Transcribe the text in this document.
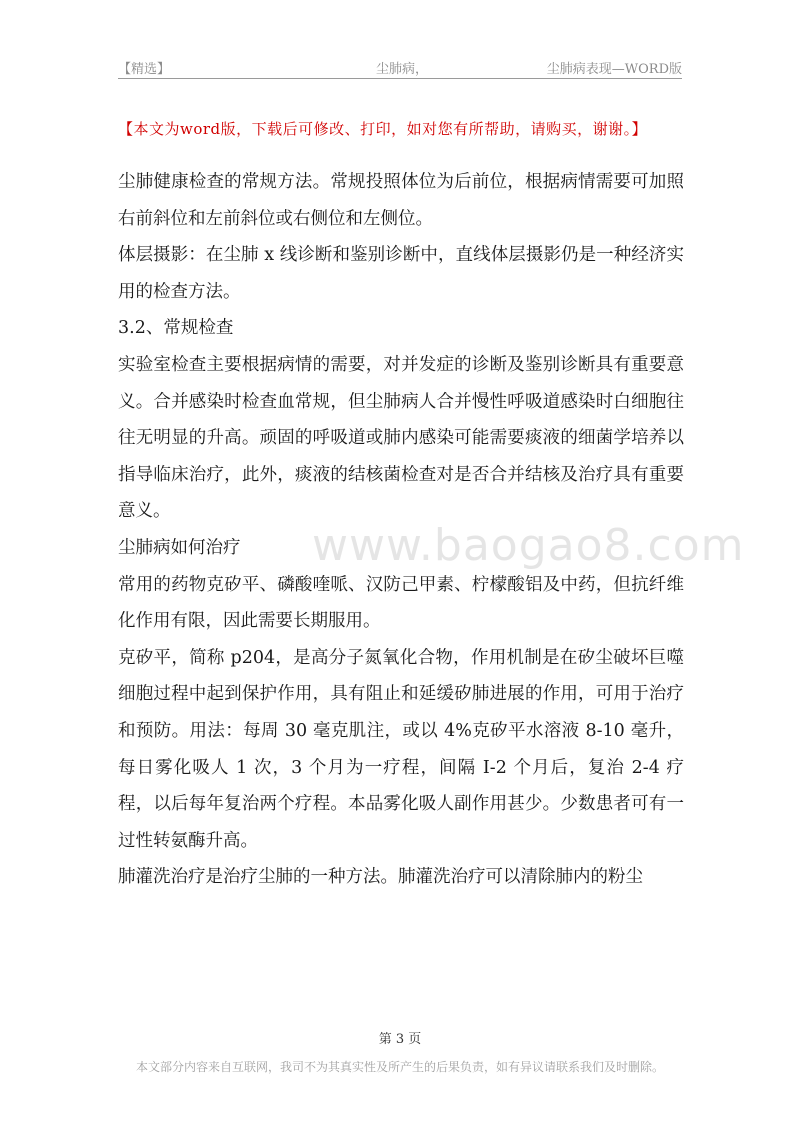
【精选】	尘肺病，	尘肺病表现—WORD版
【本文为word版，下载后可修改、打印，如对您有所帮助，请购买，谢谢。】
www.baogao8.com

尘肺健康检查的常规方法。常规投照体位为后前位，根据病情需要可加照右前斜位和左前斜位或右侧位和左侧位。

体层摄影：在尘肺 x 线诊断和鉴别诊断中，直线体层摄影仍是一种经济实用的检查方法。

3.2、常规检查

实验室检查主要根据病情的需要，对并发症的诊断及鉴别诊断具有重要意义。合并感染时检查血常规，但尘肺病人合并慢性呼吸道感染时白细胞往往无明显的升高。顽固的呼吸道或肺内感染可能需要痰液的细菌学培养以指导临床治疗，此外，痰液的结核菌检查对是否合并结核及治疗具有重要意义。

尘肺病如何治疗

常用的药物克矽平、磷酸喹哌、汉防己甲素、柠檬酸铝及中药，但抗纤维化作用有限，因此需要长期服用。

克矽平，简称 p204，是高分子氮氧化合物，作用机制是在矽尘破坏巨噬细胞过程中起到保护作用，具有阻止和延缓矽肺进展的作用，可用于治疗和预防。用法：每周 30 毫克肌注，或以 4%克矽平水溶液 8-10 毫升，每日雾化吸人 1 次，3 个月为一疗程，间隔 I-2 个月后，复治 2-4 疗程，以后每年复治两个疗程。本品雾化吸人副作用甚少。少数患者可有一过性转氨酶升高。

肺灌洗治疗是治疗尘肺的一种方法。肺灌洗治疗可以清除肺内的粉尘

第 3 页
本文部分内容来自互联网，我司不为其真实性及所产生的后果负责，如有异议请联系我们及时删除。
